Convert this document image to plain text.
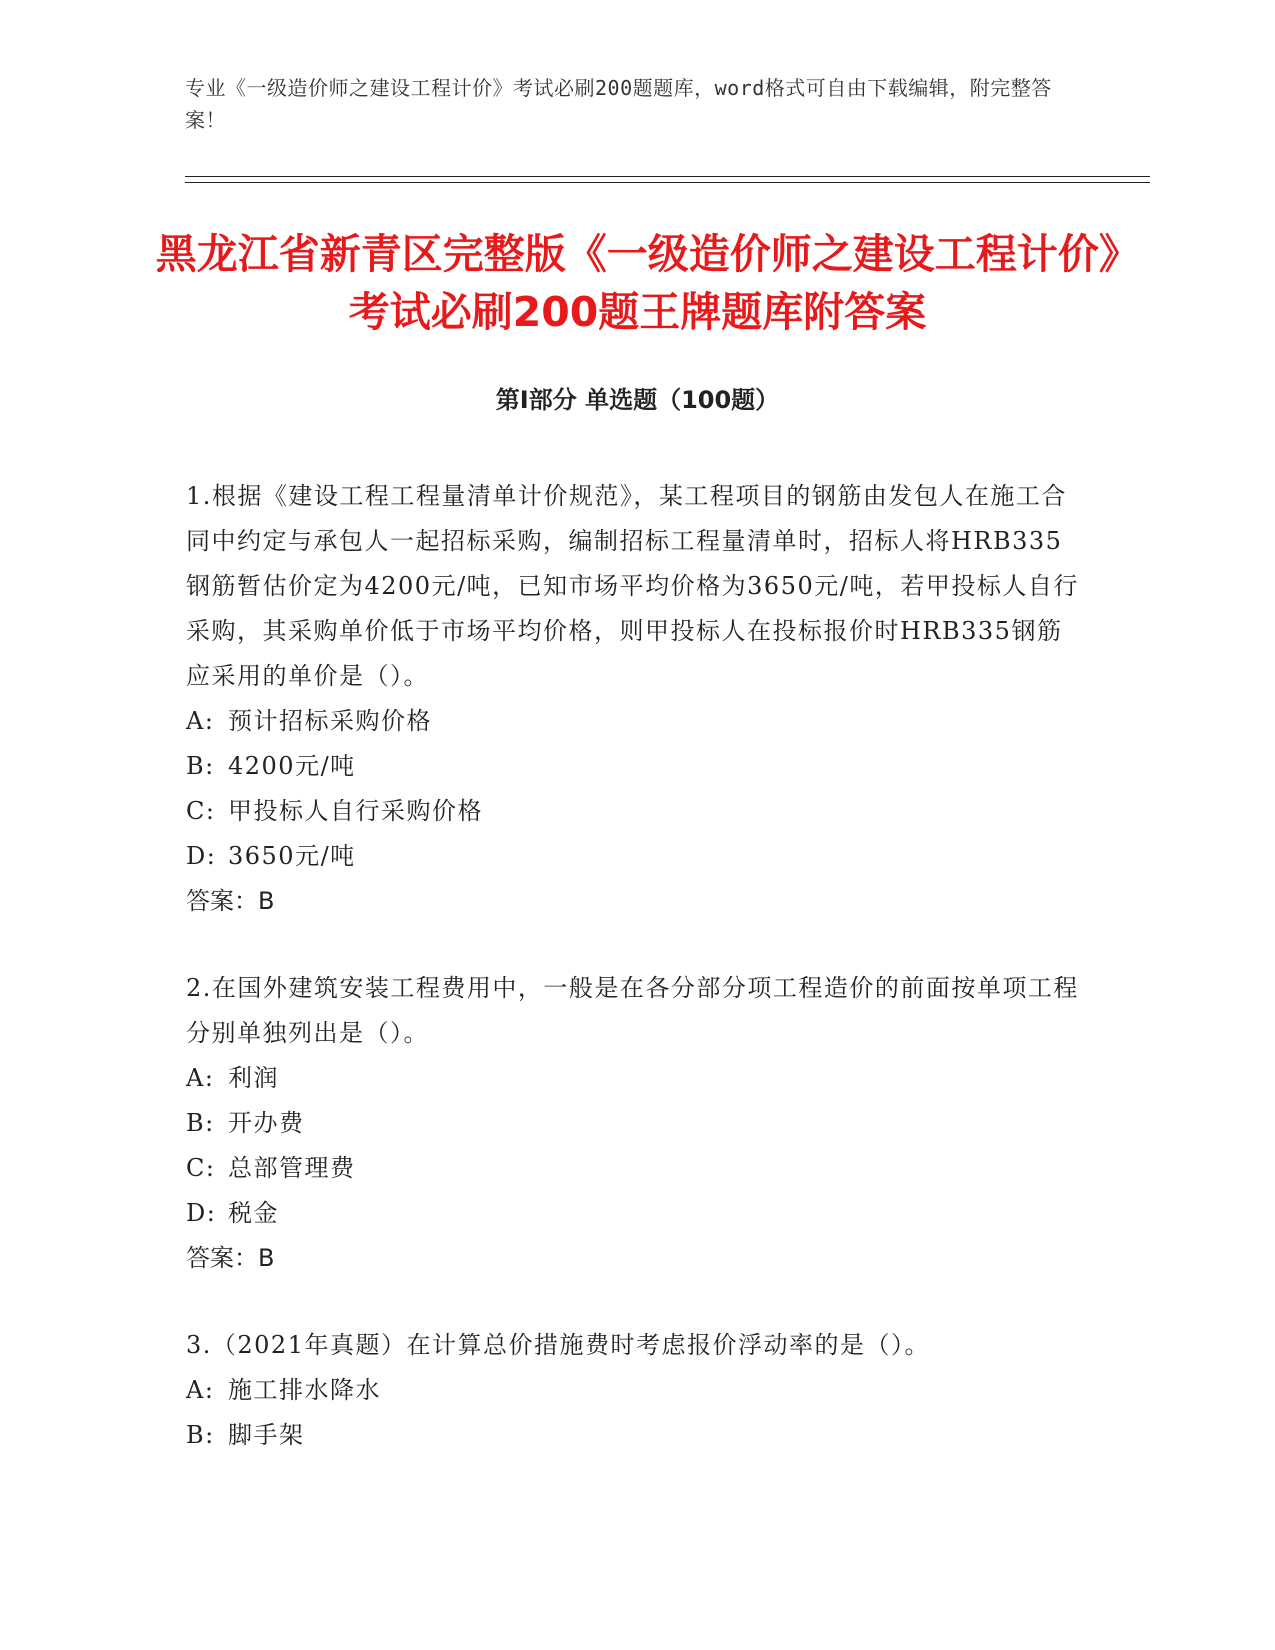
专业《一级造价师之建设工程计价》考试必刷200题题库，word格式可自由下载编辑，附完整答案！
黑龙江省新青区完整版《一级造价师之建设工程计价》考试必刷200题王牌题库附答案
第Ⅰ部分 单选题（100题）
1.根据《建设工程工程量清单计价规范》，某工程项目的钢筋由发包人在施工合同中约定与承包人一起招标采购，编制招标工程量清单时，招标人将HRB335钢筋暂估价定为4200元/吨，已知市场平均价格为3650元/吨，若甲投标人自行采购，其采购单价低于市场平均价格，则甲投标人在投标报价时HRB335钢筋应采用的单价是（）。
A: 预计招标采购价格
B: 4200元/吨
C: 甲投标人自行采购价格
D: 3650元/吨
答案：B
2.在国外建筑安装工程费用中，一般是在各分部分项工程造价的前面按单项工程分别单独列出是（）。
A: 利润
B: 开办费
C: 总部管理费
D: 税金
答案：B
3.（2021年真题）在计算总价措施费时考虑报价浮动率的是（）。
A: 施工排水降水
B: 脚手架
